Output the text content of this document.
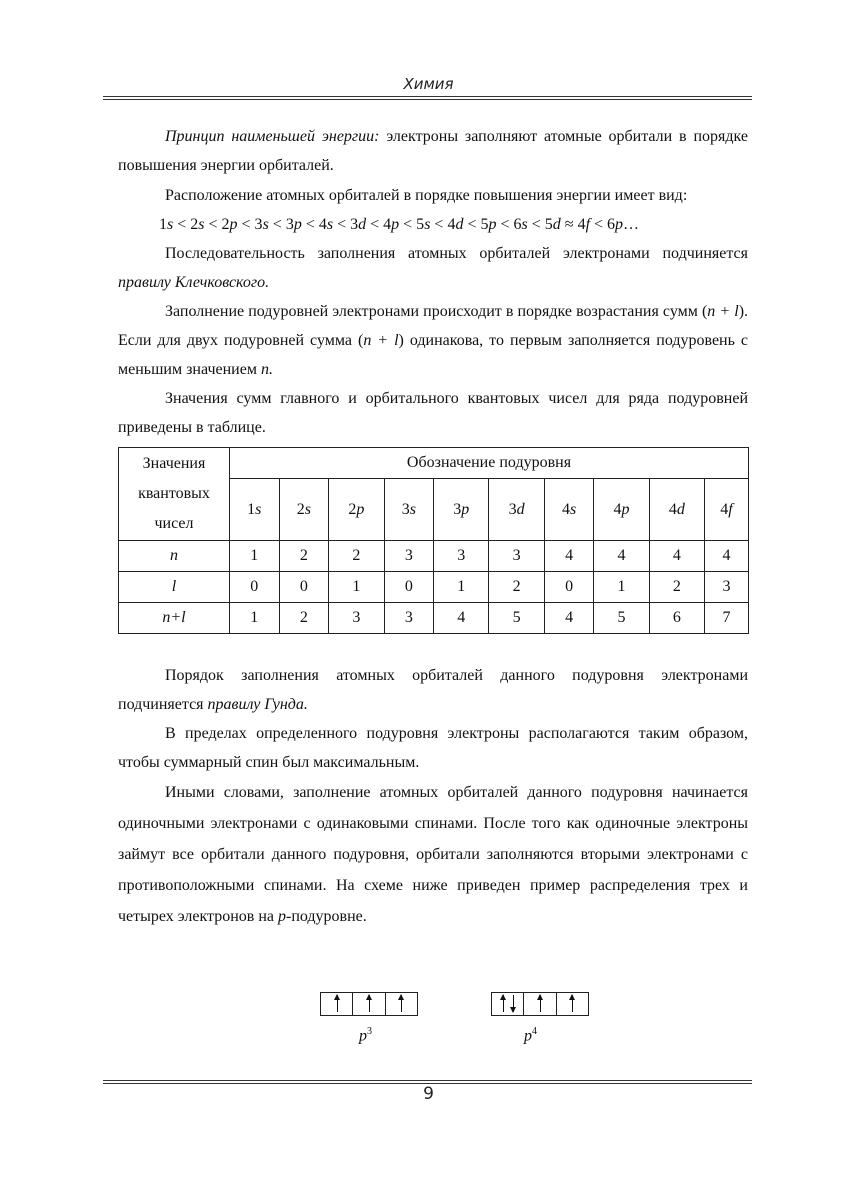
Химия

Принцип наименьшей энергии: электроны заполняют атомные орбитали в порядке повышения энергии орбиталей.

Расположение атомных орбиталей в порядке повышения энергии имеет вид:

1s < 2s < 2p < 3s < 3p < 4s < 3d < 4p < 5s < 4d < 5p < 6s < 5d ≈ 4f < 6p…

Последовательность заполнения атомных орбиталей электронами подчиняется правилу Клечковского.

Заполнение подуровней электронами происходит в порядке возрастания сумм (n + l). Если для двух подуровней сумма (n + l) одинакова, то первым заполняется подуровень с меньшим значением n.

Значения сумм главного и орбитального квантовых чисел для ряда подуровней приведены в таблице.

Значения квантовых чисел	Обозначение подуровня									
	1s	2s	2p	3s	3p	3d	4s	4p	4d	4f
n	1	2	2	3	3	3	4	4	4	4
l	0	0	1	0	1	2	0	1	2	3
n+l	1	2	3	3	4	5	4	5	6	7

Порядок заполнения атомных орбиталей данного подуровня электронами подчиняется правилу Гунда.

В пределах определенного подуровня электроны располагаются таким образом, чтобы суммарный спин был максимальным.

Иными словами, заполнение атомных орбиталей данного подуровня начинается одиночными электронами с одинаковыми спинами. После того как одиночные электроны займут все орбитали данного подуровня, орбитали заполняются вторыми электронами с противоположными спинами. На схеме ниже приведен пример распределения трех и четырех электронов на p-подуровне.

$p^3$	$p^4$
9
